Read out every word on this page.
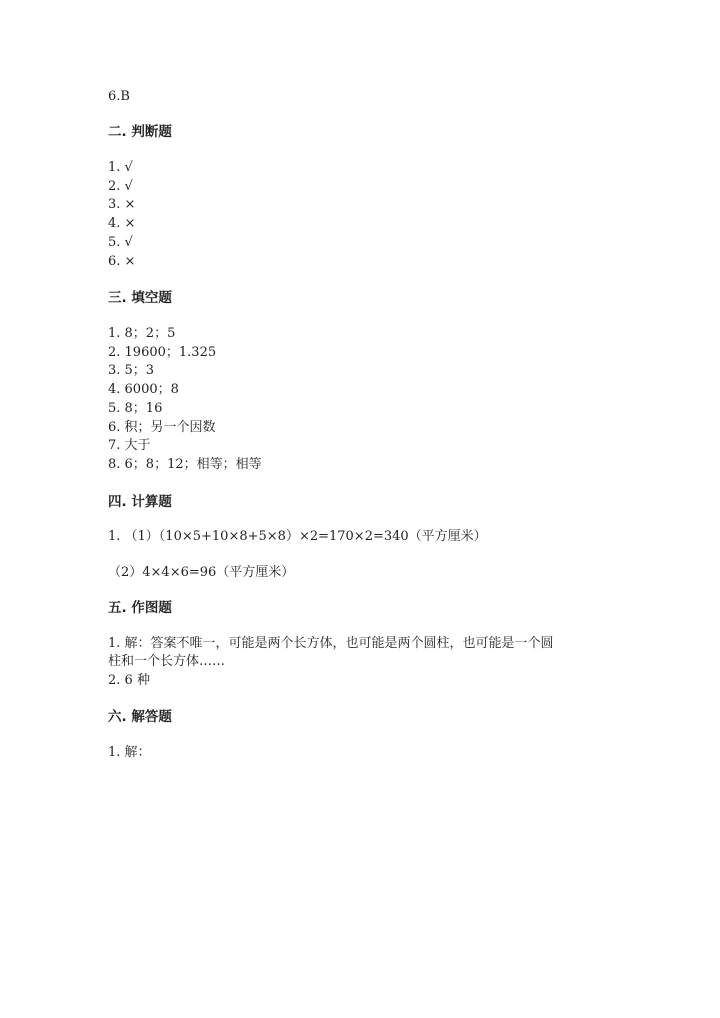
6.B
二. 判断题
1. √
2. √
3. ×
4. ×
5. √
6. ×
三. 填空题
1. 8；2；5
2. 19600；1.325
3. 5；3
4. 6000；8
5. 8；16
6. 积；另一个因数
7. 大于
8. 6；8；12；相等；相等
四. 计算题
1. （1）（10×5+10×8+5×8）×2=170×2=340（平方厘米）
（2）4×4×6=96（平方厘米）
五. 作图题
1. 解：答案不唯一，可能是两个长方体，也可能是两个圆柱，也可能是一个圆
柱和一个长方体……
2. 6 种
六. 解答题
1. 解：
